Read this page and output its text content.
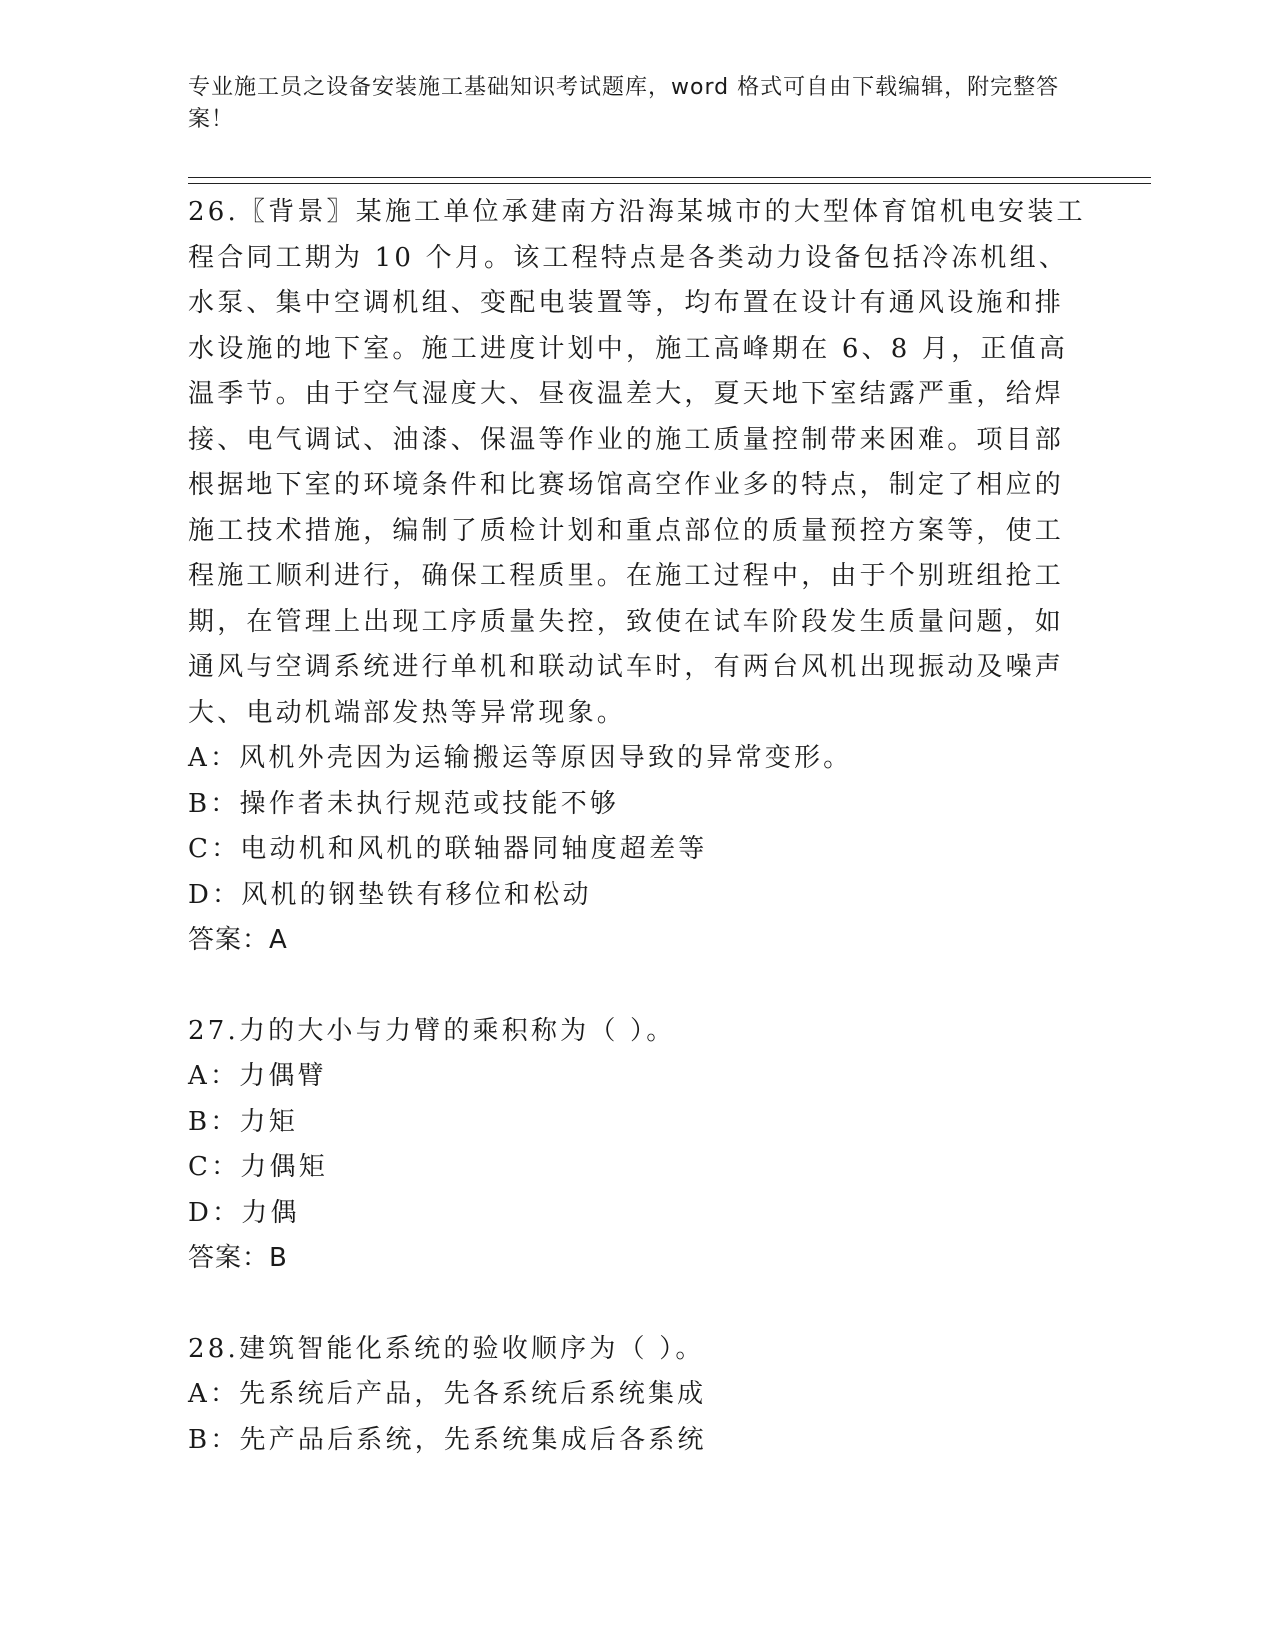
专业施工员之设备安装施工基础知识考试题库，word 格式可自由下载编辑，附完整答案！

26.〖背景〗某施工单位承建南方沿海某城市的大型体育馆机电安装工程合同工期为 10 个月。该工程特点是各类动力设备包括冷冻机组、水泵、集中空调机组、变配电装置等，均布置在设计有通风设施和排水设施的地下室。施工进度计划中，施工高峰期在 6、8 月，正值高温季节。由于空气湿度大、昼夜温差大，夏天地下室结露严重，给焊接、电气调试、油漆、保温等作业的施工质量控制带来困难。项目部根据地下室的环境条件和比赛场馆高空作业多的特点，制定了相应的施工技术措施，编制了质检计划和重点部位的质量预控方案等，使工程施工顺利进行，确保工程质里。在施工过程中，由于个别班组抢工期，在管理上出现工序质量失控，致使在试车阶段发生质量问题，如通风与空调系统进行单机和联动试车时，有两台风机出现振动及噪声大、电动机端部发热等异常现象。

A：风机外壳因为运输搬运等原因导致的异常变形。

B：操作者未执行规范或技能不够

C：电动机和风机的联轴器同轴度超差等

D：风机的钢垫铁有移位和松动

答案：A

27.力的大小与力臂的乘积称为（ ）。

A：力偶臂

B：力矩

C：力偶矩

D：力偶

答案：B

28.建筑智能化系统的验收顺序为（ ）。

A：先系统后产品，先各系统后系统集成

B：先产品后系统，先系统集成后各系统
